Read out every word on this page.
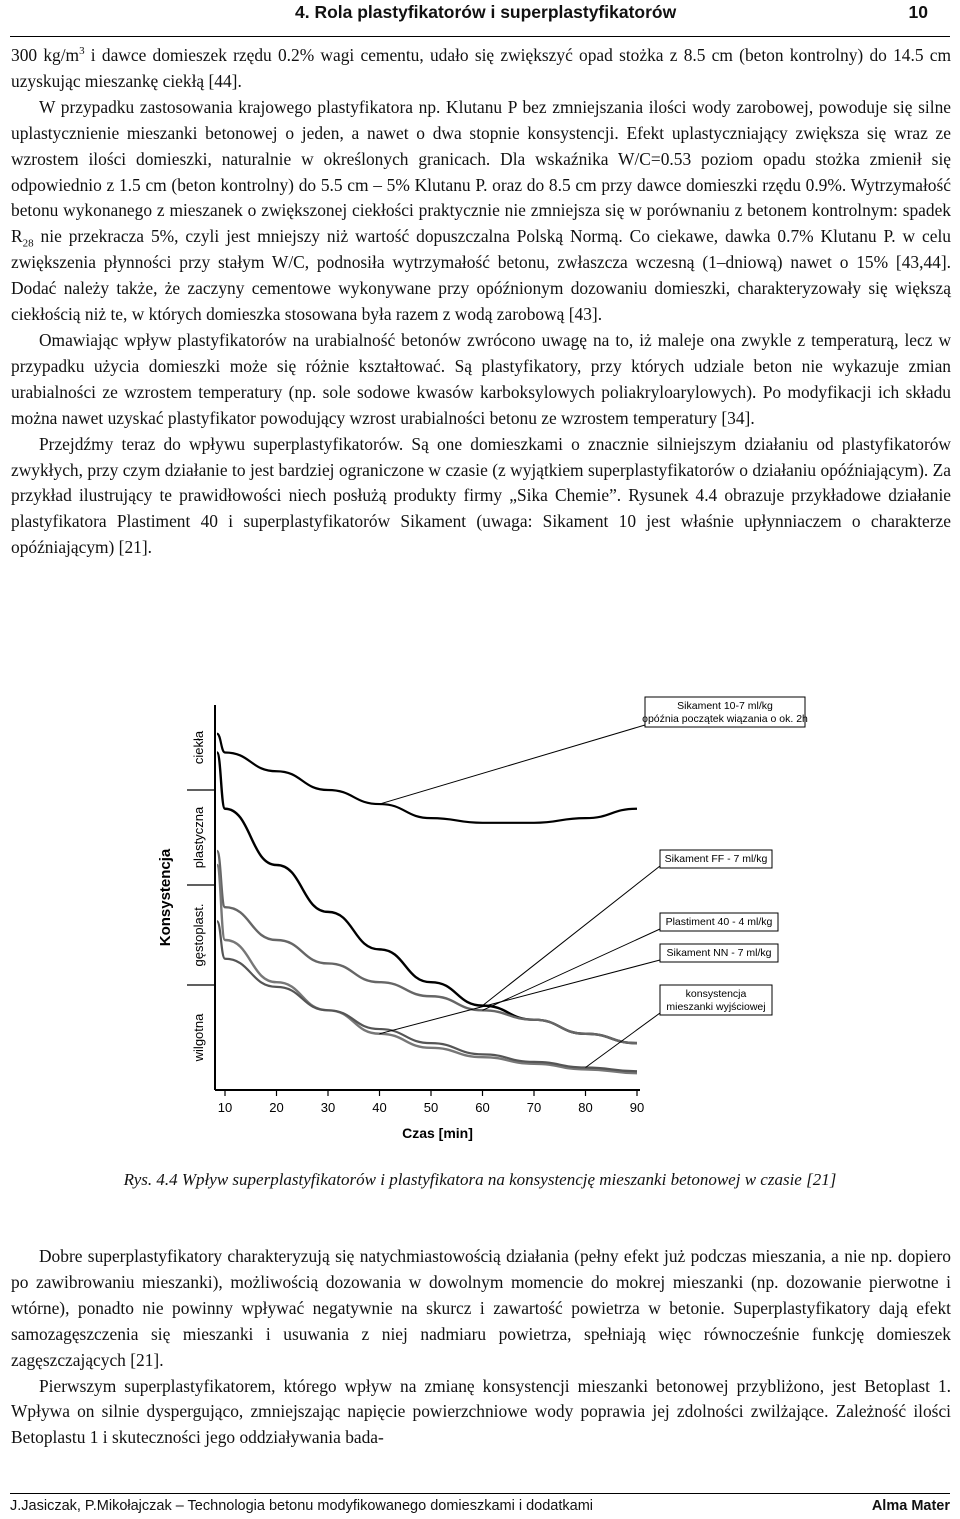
4. Rola plastyfikatorów i superplastyfikatorów	10

300 $kg/m^3$ i dawce domieszek rzędu 0.2% wagi cementu, udało się zwiększyć opad stożka z 8.5 cm (beton kontrolny) do 14.5 cm uzyskując mieszankę ciekłą [44].

W przypadku zastosowania krajowego plastyfikatora np. Klutanu P bez zmniejszania ilości wody zarobowej, powoduje się silne uplastycznienie mieszanki betonowej o jeden, a nawet o dwa stopnie konsystencji. Efekt uplastyczniający zwiększa się wraz ze wzrostem ilości domieszki, naturalnie w określonych granicach. Dla wskaźnika W/C=0.53 poziom opadu stożka zmienił się odpowiednio z 1.5 cm (beton kontrolny) do 5.5 cm – 5% Klutanu P. oraz do 8.5 cm przy dawce domieszki rzędu 0.9%. Wytrzymałość betonu wykonanego z mieszanek o zwiększonej ciekłości praktycznie nie zmniejsza się w porównaniu z betonem kontrolnym: spadek $R_{28}$ nie przekracza 5%, czyli jest mniejszy niż wartość dopuszczalna Polską Normą. Co ciekawe, dawka 0.7% Klutanu P. w celu zwiększenia płynności przy stałym W/C, podnosiła wytrzymałość betonu, zwłaszcza wczesną (1–dniową) nawet o 15% [43,44]. Dodać należy także, że zaczyny cementowe wykonywane przy opóźnionym dozowaniu domieszki, charakteryzowały się większą ciekłością niż te, w których domieszka stosowana była razem z wodą zarobową [43].

Omawiając wpływ plastyfikatorów na urabialność betonów zwrócono uwagę na to, iż maleje ona zwykle z temperaturą, lecz w przypadku użycia domieszki może się różnie kształtować. Są plastyfikatory, przy których udziale beton nie wykazuje zmian urabialności ze wzrostem temperatury (np. sole sodowe kwasów karboksylowych poliakryloarylowych). Po modyfikacji ich składu można nawet uzyskać plastyfikator powodujący wzrost urabialności betonu ze wzrostem temperatury [34].

Przejdźmy teraz do wpływu superplastyfikatorów. Są one domieszkami o znacznie silniejszym działaniu od plastyfikatorów zwykłych, przy czym działanie to jest bardziej ograniczone w czasie (z wyjątkiem superplastyfikatorów o działaniu opóźniającym). Za przykład ilustrujący te prawidłowości niech posłużą produkty firmy „Sika Chemie”. Rysunek 4.4 obrazuje przykładowe działanie plastyfikatora Plastiment 40 i superplastyfikatorów Sikament (uwaga: Sikament 10 jest właśnie upłynniaczem o charakterze opóźniającym) [21].

wilgotna
gęstoplast.
plastyczna
ciekła
Konsystencja
10	20	30	40	50	60	70	80	90
Czas [min]
Sikament 10-7 ml/kg
opóźnia początek wiązania o ok. 2h
Sikament FF - 7 ml/kg
Plastiment 40 - 4 ml/kg
Sikament NN - 7 ml/kg
konsystencja
mieszanki wyjściowej
Rys. 4.4 Wpływ superplastyfikatorów i plastyfikatora na konsystencję mieszanki betonowej w czasie [21]

Dobre superplastyfikatory charakteryzują się natychmiastowością działania (pełny efekt już podczas mieszania, a nie np. dopiero po zawibrowaniu mieszanki), możliwością dozowania w dowolnym momencie do mokrej mieszanki (np. dozowanie pierwotne i wtórne), ponadto nie powinny wpływać negatywnie na skurcz i zawartość powietrza w betonie. Superplastyfikatory dają efekt samozagęszczenia się mieszanki i usuwania z niej nadmiaru powietrza, spełniają więc równocześnie funkcję domieszek zagęszczających [21].

Pierwszym superplastyfikatorem, którego wpływ na zmianę konsystencji mieszanki betonowej przybliżono, jest Betoplast 1. Wpływa on silnie dyspergująco, zmniejszając napięcie powierzchniowe wody poprawia jej zdolności zwilżające. Zależność ilości Betoplastu 1 i skuteczności jego oddziaływania bada-

J.Jasiczak, P.Mikołajczak – Technologia betonu modyfikowanego domieszkami i dodatkami	Alma Mater
